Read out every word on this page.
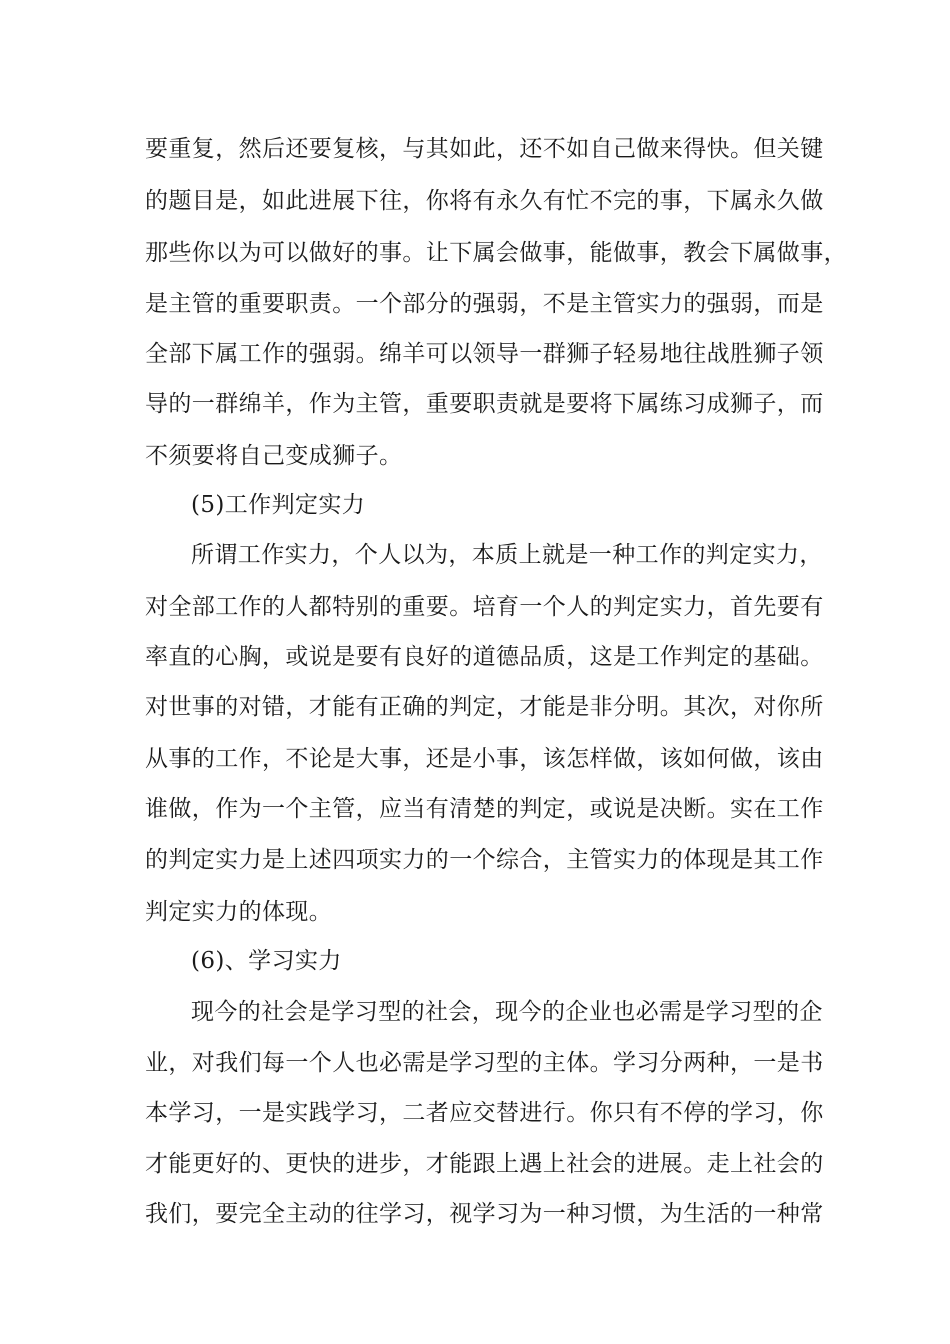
要重复，然后还要复核，与其如此，还不如自己做来得快。但关键
的题目是，如此进展下往，你将有永久有忙不完的事，下属永久做
那些你以为可以做好的事。让下属会做事，能做事，教会下属做事，
是主管的重要职责。一个部分的强弱，不是主管实力的强弱，而是
全部下属工作的强弱。绵羊可以领导一群狮子轻易地往战胜狮子领
导的一群绵羊，作为主管，重要职责就是要将下属练习成狮子，而
不须要将自己变成狮子。
(5)工作判定实力
所谓工作实力，个人以为，本质上就是一种工作的判定实力，
对全部工作的人都特别的重要。培育一个人的判定实力，首先要有
率直的心胸，或说是要有良好的道德品质，这是工作判定的基础。
对世事的对错，才能有正确的判定，才能是非分明。其次，对你所
从事的工作，不论是大事，还是小事，该怎样做，该如何做，该由
谁做，作为一个主管，应当有清楚的判定，或说是决断。实在工作
的判定实力是上述四项实力的一个综合，主管实力的体现是其工作
判定实力的体现。
(6)、学习实力
现今的社会是学习型的社会，现今的企业也必需是学习型的企
业，对我们每一个人也必需是学习型的主体。学习分两种，一是书
本学习，一是实践学习，二者应交替进行。你只有不停的学习，你
才能更好的、更快的进步，才能跟上遇上社会的进展。走上社会的
我们，要完全主动的往学习，视学习为一种习惯，为生活的一种常
